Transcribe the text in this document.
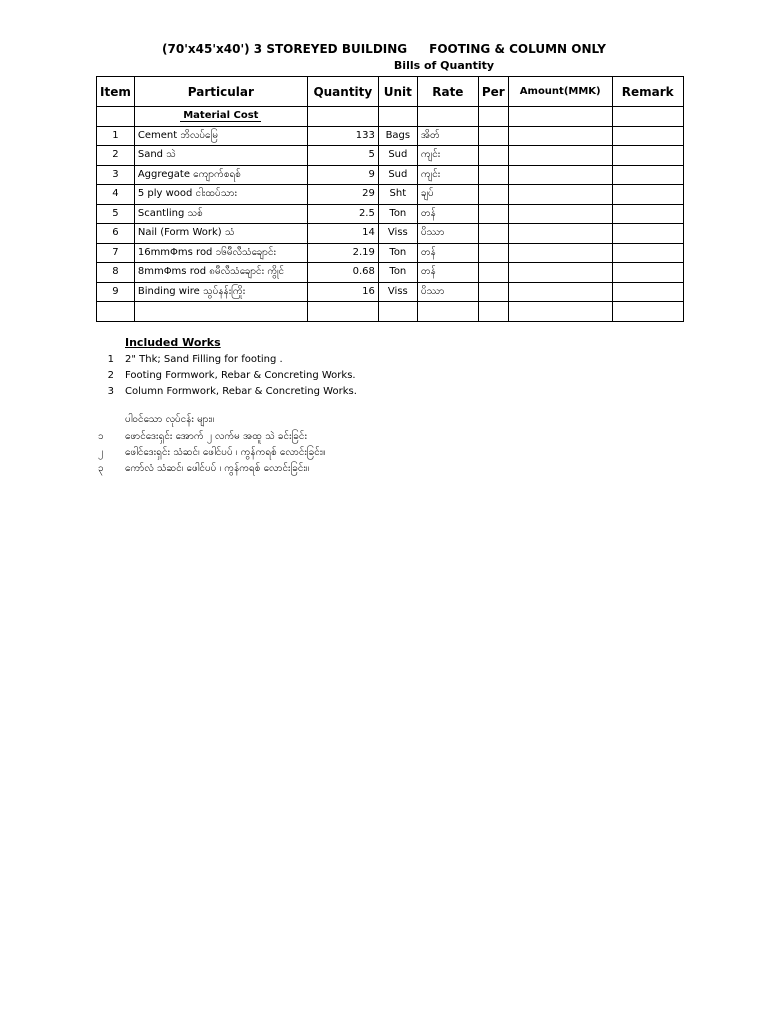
(70'x45'x40') 3 STOREYED BUILDING FOOTING & COLUMN ONLY
Bills of Quantity
Item	Particular	Quantity	Unit	Rate	Per	Amount(MMK)	Remark
	Material Cost						
1	Cement ဘိလပ်မြေ	133	Bags	အိတ်			
2	Sand သဲ	5	Sud	ကျင်း			
3	Aggregate ကျောက်စရစ်	9	Sud	ကျင်း			
4	5 ply wood ငါးထပ်သား	29	Sht	ချပ်			
5	Scantling သစ်	2.5	Ton	တန်			
6	Nail (Form Work) သံ	14	Viss	ပိဿာ			
7	16mmΦms rod ၁၆မီလီသံချောင်း	2.19	Ton	တန်			
8	8mmΦms rod ၈မီလီသံချောင်း ကွိုင်	0.68	Ton	တန်			
9	Binding wire သွပ်နန်းကြိုး	16	Viss	ပိဿာ			

Included Works
1 2" Thk; Sand Filling for footing .
2 Footing Formwork, Rebar & Concreting Works.
3 Column Formwork, Rebar & Concreting Works.
ပါဝင်သော လုပ်ငန်း များ။
၁ ဖောင်ဒေးရှင်း အောက် ၂ လက်မ အထူ သဲ ခင်းခြင်း
၂ ဖေါင်ဒေးရှင်း သံဆင်၊ ဖေါင်ပပ် ၊ ကွန်ကရစ် လောင်းခြင်း။
၃ ကော်လံ သံဆင်၊ ဖေါင်ပပ် ၊ ကွန်ကရစ် လောင်းခြင်း။
